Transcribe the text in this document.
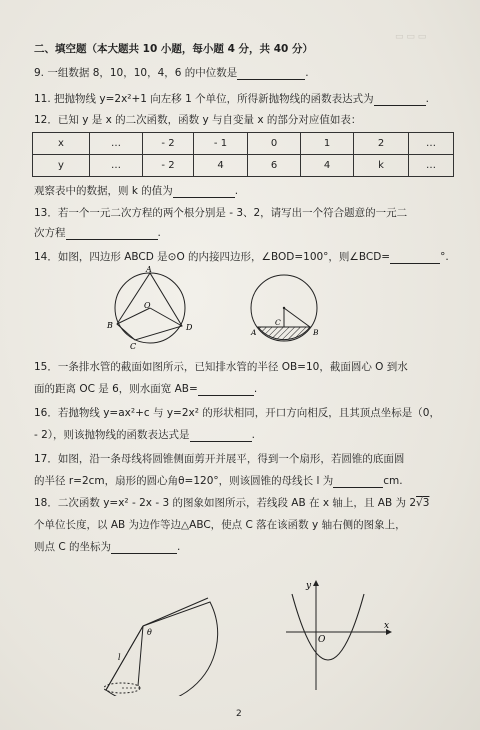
▭ ▭ ▭
二、填空题（本大题共 10 小题，每小题 4 分，共 40 分）
9. 一组数据 8，10，10，4，6 的中位数是	.
11. 把抛物线 y=2x²+1 向左移 1 个单位，所得新抛物线的函数表达式为	.
12．已知 y 是 x 的二次函数，函数 y 与自变量 x 的部分对应值如表：
x	…	- 2	- 1	0	1	2	…
y	…	- 2	4	6	4	k	…
观察表中的数据，则 k 的值为	.
13．若一个一元二次方程的两个根分别是 - 3、2，请写出一个符合题意的一元二
次方程	.
14．如图，四边形 ABCD 是⊙O 的内接四边形，∠BOD=100°，则∠BCD=	°.
A
B
C
D
O
A
C
B
15．一条排水管的截面如图所示，已知排水管的半径 OB=10，截面圆心 O 到水
面的距离 OC 是 6，则水面宽 AB=	.
16．若抛物线 y=ax²+c 与 y=2x² 的形状相同，开口方向相反，且其顶点坐标是（0，
- 2），则该抛物线的函数表达式是	.
17．如图，沿一条母线将圆锥侧面剪开并展平，得到一个扇形，若圆锥的底面圆
的半径 r=2cm，扇形的圆心角θ=120°，则该圆锥的母线长 l 为	cm.
18．二次函数 y=x² - 2x - 3 的图象如图所示，若线段 AB 在 x 轴上，且 AB 为 2√3
个单位长度，以 AB 为边作等边△ABC，使点 C 落在该函数 y 轴右侧的图象上，
则点 C 的坐标为	.
θ
l
y
x
O
2
